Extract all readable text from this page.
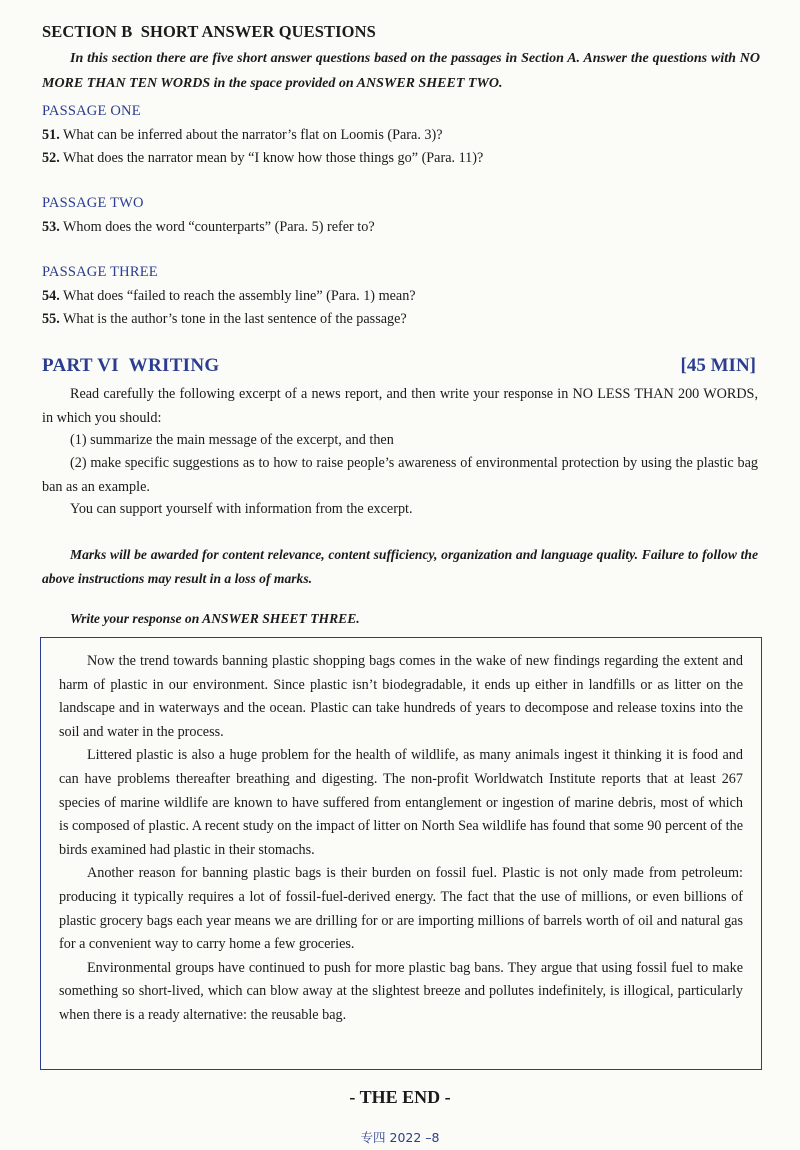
SECTION B  SHORT ANSWER QUESTIONS
In this section there are five short answer questions based on the passages in Section A. Answer the questions with NO MORE THAN TEN WORDS in the space provided on ANSWER SHEET TWO.
PASSAGE ONE
51. What can be inferred about the narrator’s flat on Loomis (Para. 3)?
52. What does the narrator mean by “I know how those things go” (Para. 11)?
PASSAGE TWO
53. Whom does the word “counterparts” (Para. 5) refer to?
PASSAGE THREE
54. What does “failed to reach the assembly line” (Para. 1) mean?
55. What is the author’s tone in the last sentence of the passage?
PART VI  WRITING	[45 MIN]
Read carefully the following excerpt of a news report, and then write your response in NO LESS THAN 200 WORDS, in which you should:
(1) summarize the main message of the excerpt, and then
(2) make specific suggestions as to how to raise people’s awareness of environmental protection by using the plastic bag ban as an example.
You can support yourself with information from the excerpt.
Marks will be awarded for content relevance, content sufficiency, organization and language quality. Failure to follow the above instructions may result in a loss of marks.
Write your response on ANSWER SHEET THREE.

Now the trend towards banning plastic shopping bags comes in the wake of new findings regarding the extent and harm of plastic in our environment. Since plastic isn’t biodegradable, it ends up either in landfills or as litter on the landscape and in waterways and the ocean. Plastic can take hundreds of years to decompose and release toxins into the soil and water in the process.

Littered plastic is also a huge problem for the health of wildlife, as many animals ingest it thinking it is food and can have problems thereafter breathing and digesting. The non-profit Worldwatch Institute reports that at least 267 species of marine wildlife are known to have suffered from entanglement or ingestion of marine debris, most of which is composed of plastic. A recent study on the impact of litter on North Sea wildlife has found that some 90 percent of the birds examined had plastic in their stomachs.

Another reason for banning plastic bags is their burden on fossil fuel. Plastic is not only made from petroleum: producing it typically requires a lot of fossil-fuel-derived energy. The fact that the use of millions, or even billions of plastic grocery bags each year means we are drilling for or are importing millions of barrels worth of oil and natural gas for a convenient way to carry home a few groceries.

Environmental groups have continued to push for more plastic bag bans. They argue that using fossil fuel to make something so short-lived, which can blow away at the slightest breeze and pollutes indefinitely, is illogical, particularly when there is a ready alternative: the reusable bag.

- THE END -
专四 2022 –8
